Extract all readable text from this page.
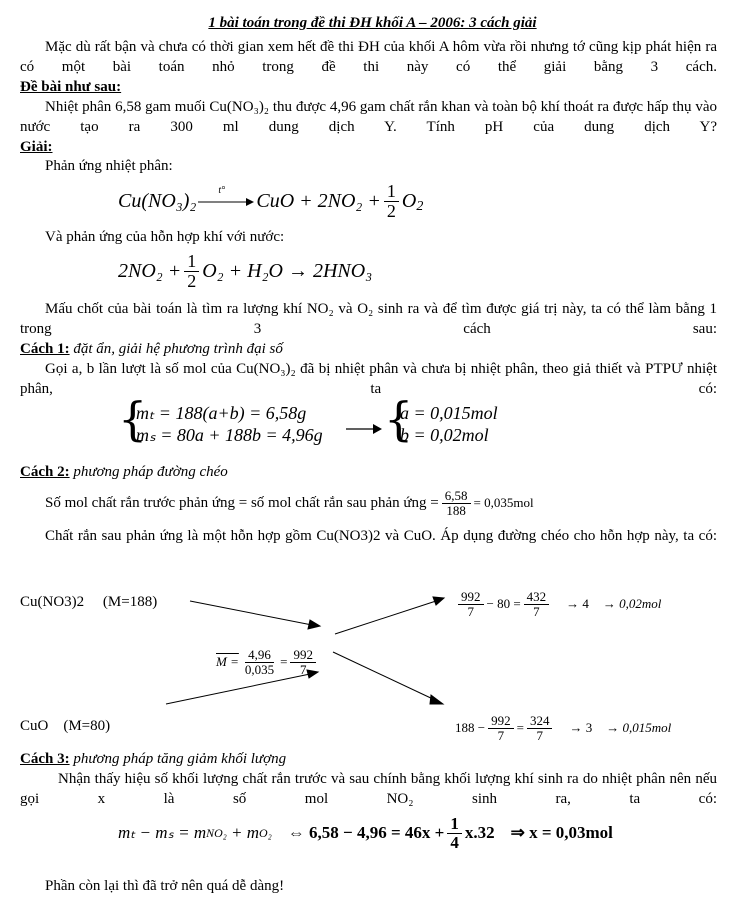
1 bài toán trong đề thi ĐH khối A – 2006: 3 cách giải
Mặc dù rất bận và chưa có thời gian xem hết đề thi ĐH của khối A hôm vừa rồi nhưng tớ cũng kịp phát hiện ra có một bài toán nhỏ trong đề thi này có thể giải bằng 3 cách.
Đề bài như sau:
Nhiệt phân 6,58 gam muối Cu(NO₃)₂ thu được 4,96 gam chất rắn khan và toàn bộ khí thoát ra được hấp thụ vào nước tạo ra 300 ml dung dịch Y. Tính pH của dung dịch Y?
Giải:
Phản ứng nhiệt phân:
Cu(NO₃)₂ t° CuO + $2NO_2 + \frac{1}{2} O_2$
Và phản ứng của hỗn hợp khí với nước:
$2NO_2 + \frac{1}{2} O_2 + H_2O \to 2HNO_3$
Mấu chốt của bài toán là tìm ra lượng khí NO₂ và O₂ sinh ra và để tìm được giá trị này, ta có thể làm bằng 1 trong 3 cách sau:
Cách 1: đặt ẩn, giải hệ phương trình đại số
Gọi a, b lần lượt là số mol của Cu(NO₃)₂ đã bị nhiệt phân và chưa bị nhiệt phân, theo giả thiết và PTPƯ nhiệt phân, ta có:
{
mₜ = 188(a+b) = 6,58g
mₛ = 80a + 188b = 4,96g {
a = 0,015mol
b = 0,02mol
Cách 2: phương pháp đường chéo
Số mol chất rắn trước phản ứng = số mol chất rắn sau phản ứng = $\frac{6,58}{188} = 0,035mol$
Chất rắn sau phản ứng là một hỗn hợp gồm Cu(NO3)2 và CuO. Áp dụng đường chéo cho hỗn hợp này, ta có:
Cu(NO3)2     (M=188)
CuO    (M=80)
$M = \frac{4,96}{0,035} = \frac{992}{7}$
$\frac{992}{7} - 80 = \frac{432}{7} \to 4 \to 0,02mol$
$188 - \frac{992}{7} = \frac{324}{7} \to 3 \to 0,015mol$
Cách 3: phương pháp tăng giảm khối lượng
Nhận thấy hiệu số khối lượng chất rắn trước và sau chính bằng khối lượng khí sinh ra do nhiệt phân nên nếu gọi x là số mol NO₂ sinh ra, ta có:
mₜ − mₛ = m NO₂ + m O₂ ⇔ $6,58 - 4,96 = 46x + \frac{1}{4} x.32$ ⇒ x = 0,03mol
Phần còn lại thì đã trở nên quá dễ dàng!
